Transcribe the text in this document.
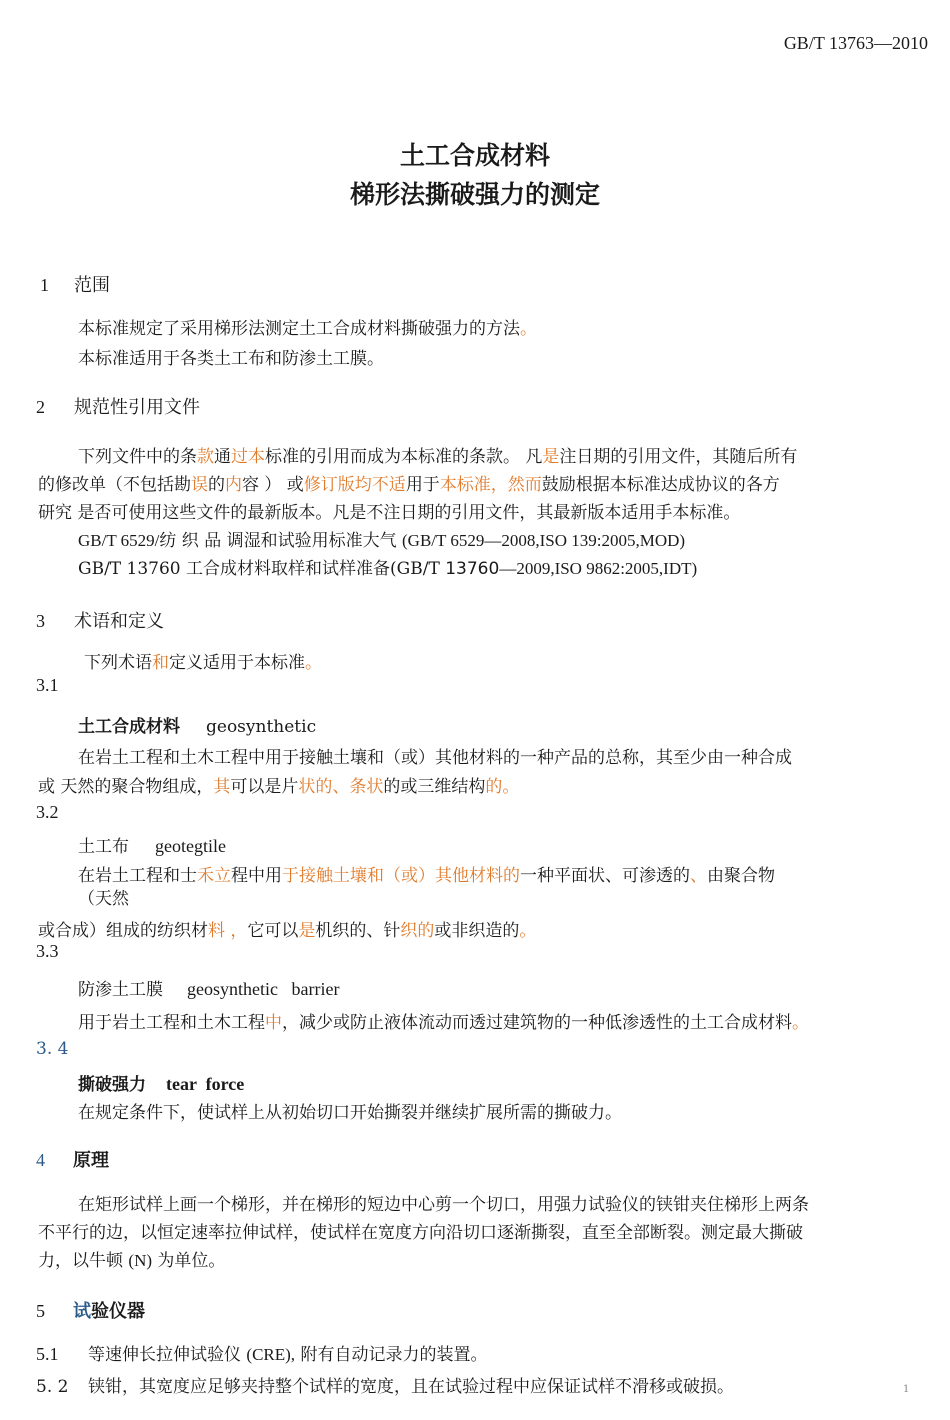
GB/T 13763—2010
土工合成材料
梯形法撕破强力的测定
1 范围
本标准规定了采用梯形法测定土工合成材料撕破强力的方法。
本标准适用于各类土工布和防渗土工膜。
2 规范性引用文件
下列文件中的条款通过本标准的引用而成为本标准的条款。 凡是注日期的引用文件，其随后所有
的修改单（不包括勘误的内容 ） 或修订版均不适用于本标准，然而鼓励根据本标准达成协议的各方
研究 是否可使用这些文件的最新版本。凡是不注日期的引用文件，其最新版本适用手本标准。
GB/T 6529/纺 织 品 调湿和试验用标准大气 (GB/T 6529—2008,ISO 139:2005,MOD)
GB/T 13760 工合成材料取样和试样准备(GB/T 13760—2009,ISO 9862:2005,IDT)
3 术语和定义
下列术语和定义适用于本标准。
3.1
土工合成材料 geosynthetic
在岩土工程和土木工程中用于接触土壤和（或）其他材料的一种产品的总称，其至少由一种合成
或 天然的聚合物组成，其可以是片状的、条状的或三维结构的。
3.2
土工布 geotegtile
在岩土工程和士禾立程中用于接触土壤和（或）其他材料的一种平面状、可渗透的、由聚合物
（天然
或合成）组成的纺织材料 ，它可以是机织的、针织的或非织造的。
3.3
防渗土工膜 geosynthetic   barrier
用于岩土工程和土木工程中，减少或防止液体流动而透过建筑物的一种低渗透性的土工合成材料。
3. 4
撕破强力 tear  force
在规定条件下，使试样上从初始切口开始撕裂并继续扩展所需的撕破力。
4 原理
在矩形试样上画一个梯形，并在梯形的短边中心剪一个切口，用强力试验仪的铗钳夹住梯形上两条
不平行的边，以恒定速率拉伸试样，使试样在宽度方向沿切口逐渐撕裂，直至全部断裂。测定最大撕破
力，以牛顿 (N) 为单位。
5 试验仪器
5.1 等速伸长拉伸试验仪 (CRE), 附有自动记录力的装置。
5. 2 铗钳，其宽度应足够夹持整个试样的宽度，且在试验过程中应保证试样不滑移或破损。	1
